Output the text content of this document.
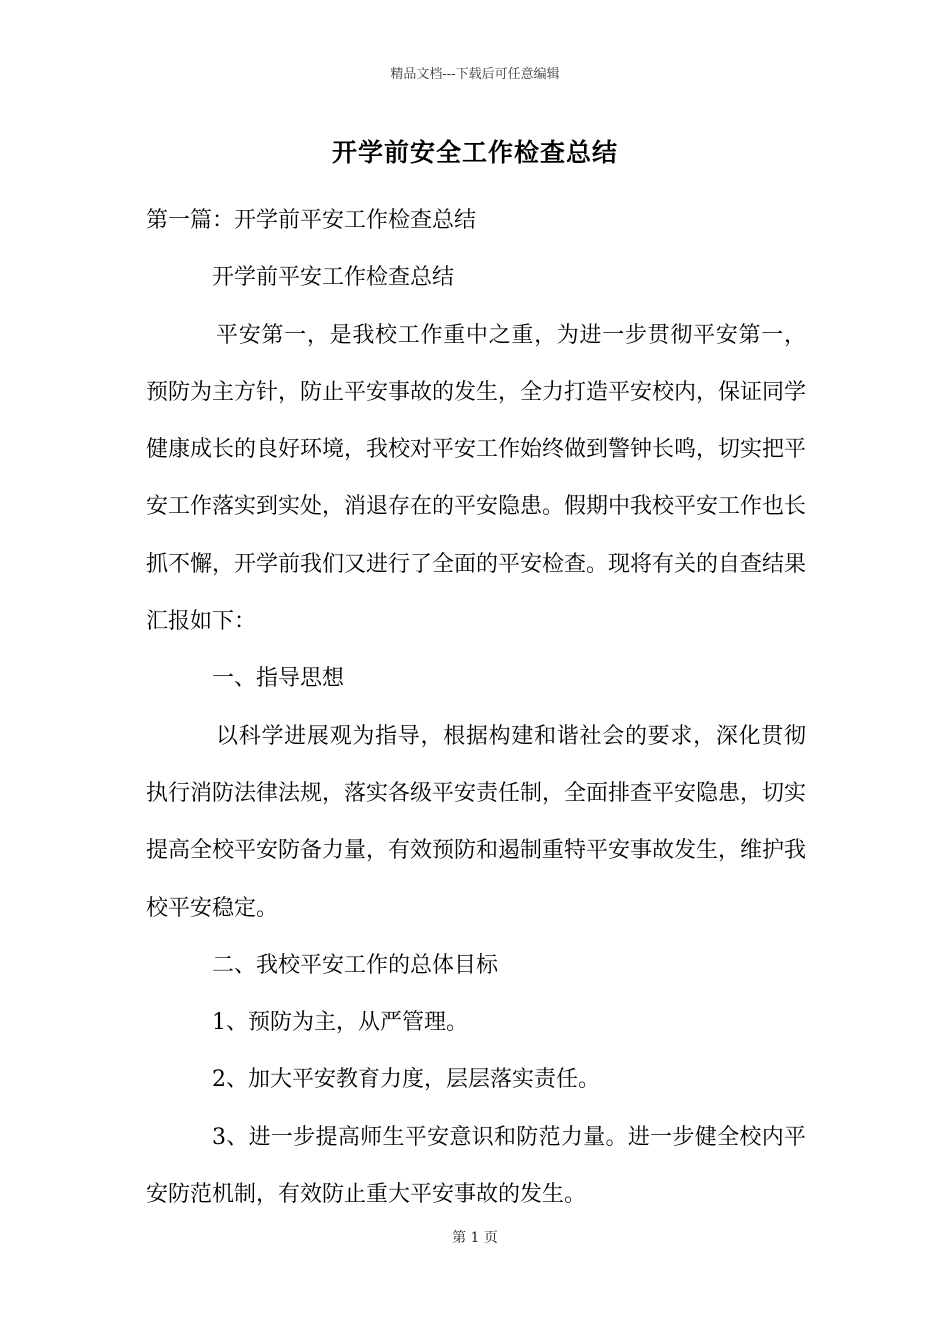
精品文档---下载后可任意编辑
开学前安全工作检查总结

第一篇：开学前平安工作检查总结

开学前平安工作检查总结

平安第一，是我校工作重中之重，为进一步贯彻平安第一，预防为主方针，防止平安事故的发生，全力打造平安校内，保证同学健康成长的良好环境，我校对平安工作始终做到警钟长鸣，切实把平安工作落实到实处，消退存在的平安隐患。假期中我校平安工作也长抓不懈，开学前我们又进行了全面的平安检查。现将有关的自查结果汇报如下：

一、指导思想

以科学进展观为指导，根据构建和谐社会的要求，深化贯彻执行消防法律法规，落实各级平安责任制，全面排查平安隐患，切实提高全校平安防备力量，有效预防和遏制重特平安事故发生，维护我校平安稳定。

二、我校平安工作的总体目标

1、预防为主，从严管理。

2、加大平安教育力度，层层落实责任。

3、进一步提高师生平安意识和防范力量。进一步健全校内平安防范机制，有效防止重大平安事故的发生。

第 1 页
